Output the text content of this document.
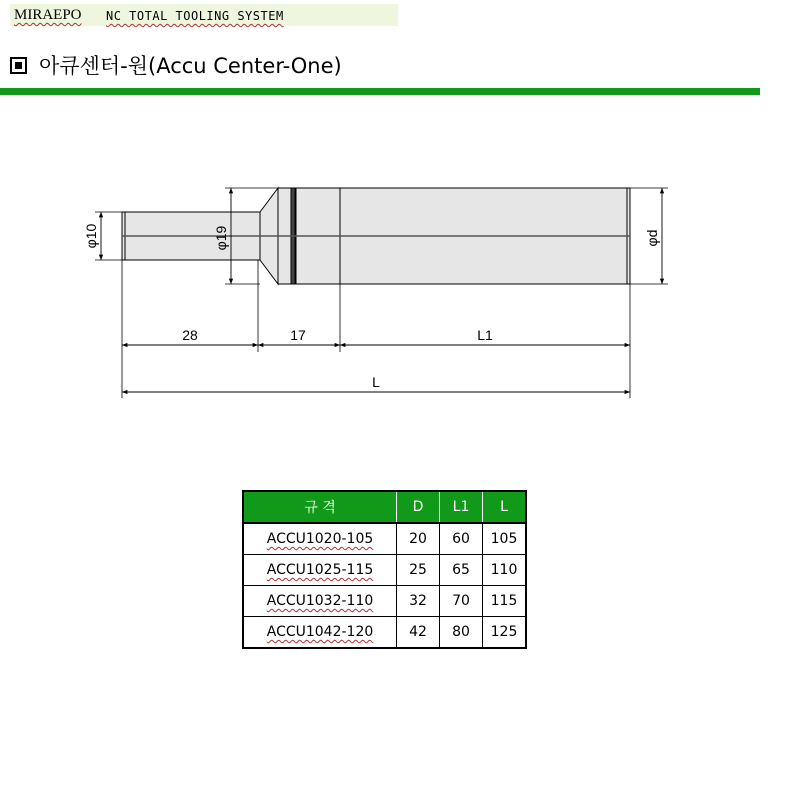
MIRAEPO NC TOTAL TOOLING SYSTEM
아큐센터-원(Accu Center-One)
φ10	φ19	φd
28	17	L1
L
규 격	D	L1	L
ACCU1020-105	20	60	105
ACCU1025-115	25	65	110
ACCU1032-110	32	70	115
ACCU1042-120	42	80	125
